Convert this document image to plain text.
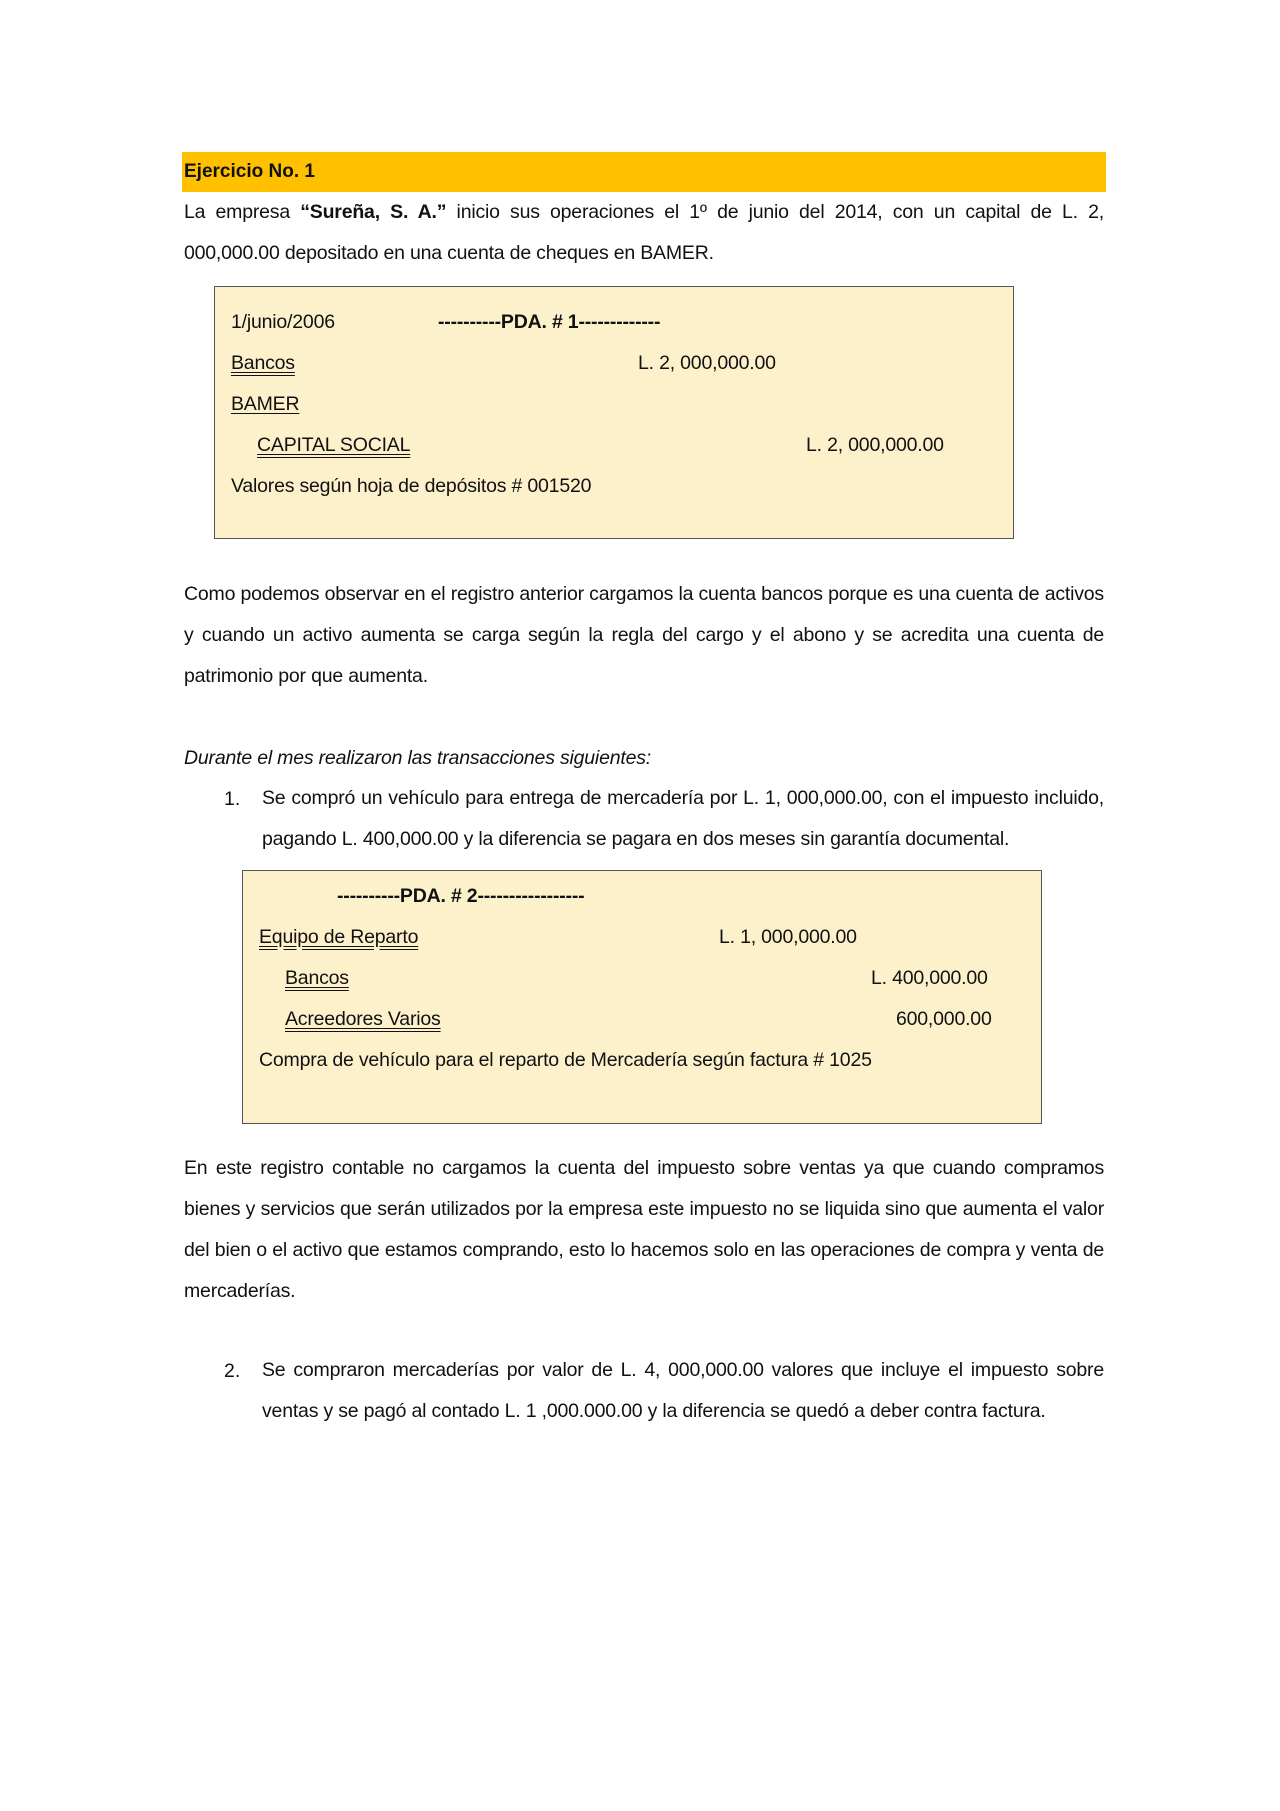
Ejercicio No. 1
La empresa “Sureña, S. A.” inicio sus operaciones el 1º de junio del 2014, con un capital de L. 2, 000,000.00 depositado en una cuenta de cheques en BAMER.
1/junio/2006	----------PDA. # 1-------------
Bancos	L. 2, 000,000.00
BAMER
CAPITAL SOCIAL	L. 2, 000,000.00
Valores según hoja de depósitos # 001520
Como podemos observar en el registro anterior cargamos la cuenta bancos porque es una cuenta de activos y cuando un activo aumenta se carga según la regla del cargo y el abono y se acredita una cuenta de patrimonio por que aumenta.
Durante el mes realizaron las transacciones siguientes:
1. Se compró un vehículo para entrega de mercadería por L. 1, 000,000.00, con el impuesto incluido, pagando L. 400,000.00 y la diferencia se pagara en dos meses sin garantía documental.
----------PDA. # 2-----------------
Equipo de Reparto	L. 1, 000,000.00
Bancos	L. 400,000.00
Acreedores Varios	600,000.00
Compra de vehículo para el reparto de Mercadería según factura # 1025
En este registro contable no cargamos la cuenta del impuesto sobre ventas ya que cuando compramos bienes y servicios que serán utilizados por la empresa este impuesto no se liquida sino que aumenta el valor del bien o el activo que estamos comprando, esto lo hacemos solo en las operaciones de compra y venta de mercaderías.
2. Se compraron mercaderías por valor de L. 4, 000,000.00 valores que incluye el impuesto sobre ventas y se pagó al contado L. 1 ,000.000.00 y la diferencia se quedó a deber contra factura.
